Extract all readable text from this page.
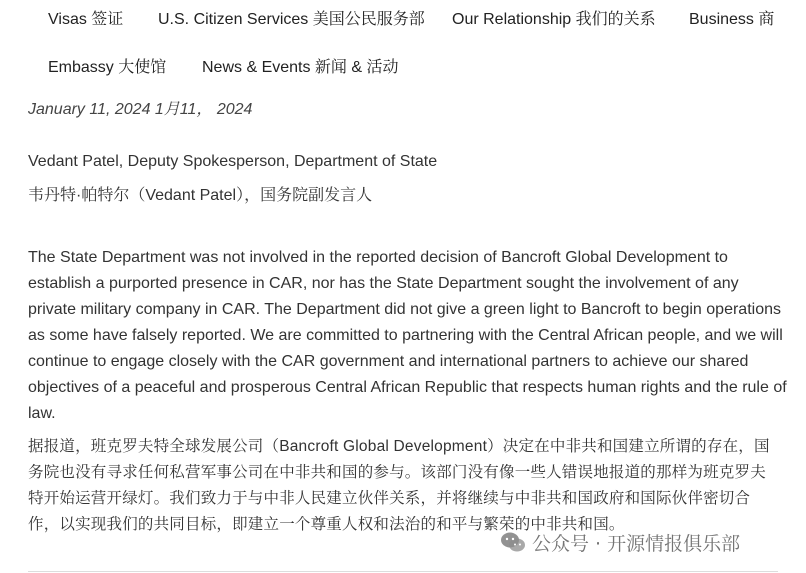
Visas 签证 U.S. Citizen Services 美国公民服务部 Our Relationship 我们的关系 Business 商
Embassy 大使馆 News & Events 新闻 & 活动
January 11, 2024 1月11， 2024
Vedant Patel, Deputy Spokesperson, Department of State
韦丹特·帕特尔（Vedant Patel），国务院副发言人

The State Department was not involved in the reported decision of Bancroft Global Development to establish a purported presence in CAR, nor has the State Department sought the involvement of any private military company in CAR. The Department did not give a green light to Bancroft to begin operations as some have falsely reported. We are committed to partnering with the Central African people, and we will continue to engage closely with the CAR government and international partners to achieve our shared objectives of a peaceful and prosperous Central African Republic that respects human rights and the rule of law.

据报道，班克罗夫特全球发展公司（Bancroft Global Development）决定在中非共和国建立所谓的存在，国务院也没有寻求任何私营军事公司在中非共和国的参与。该部门没有像一些人错误地报道的那样为班克罗夫特开始运营开绿灯。我们致力于与中非人民建立伙伴关系，并将继续与中非共和国政府和国际伙伴密切合作，以实现我们的共同目标，即建立一个尊重人权和法治的和平与繁荣的中非共和国。

公众号 · 开源情报俱乐部
